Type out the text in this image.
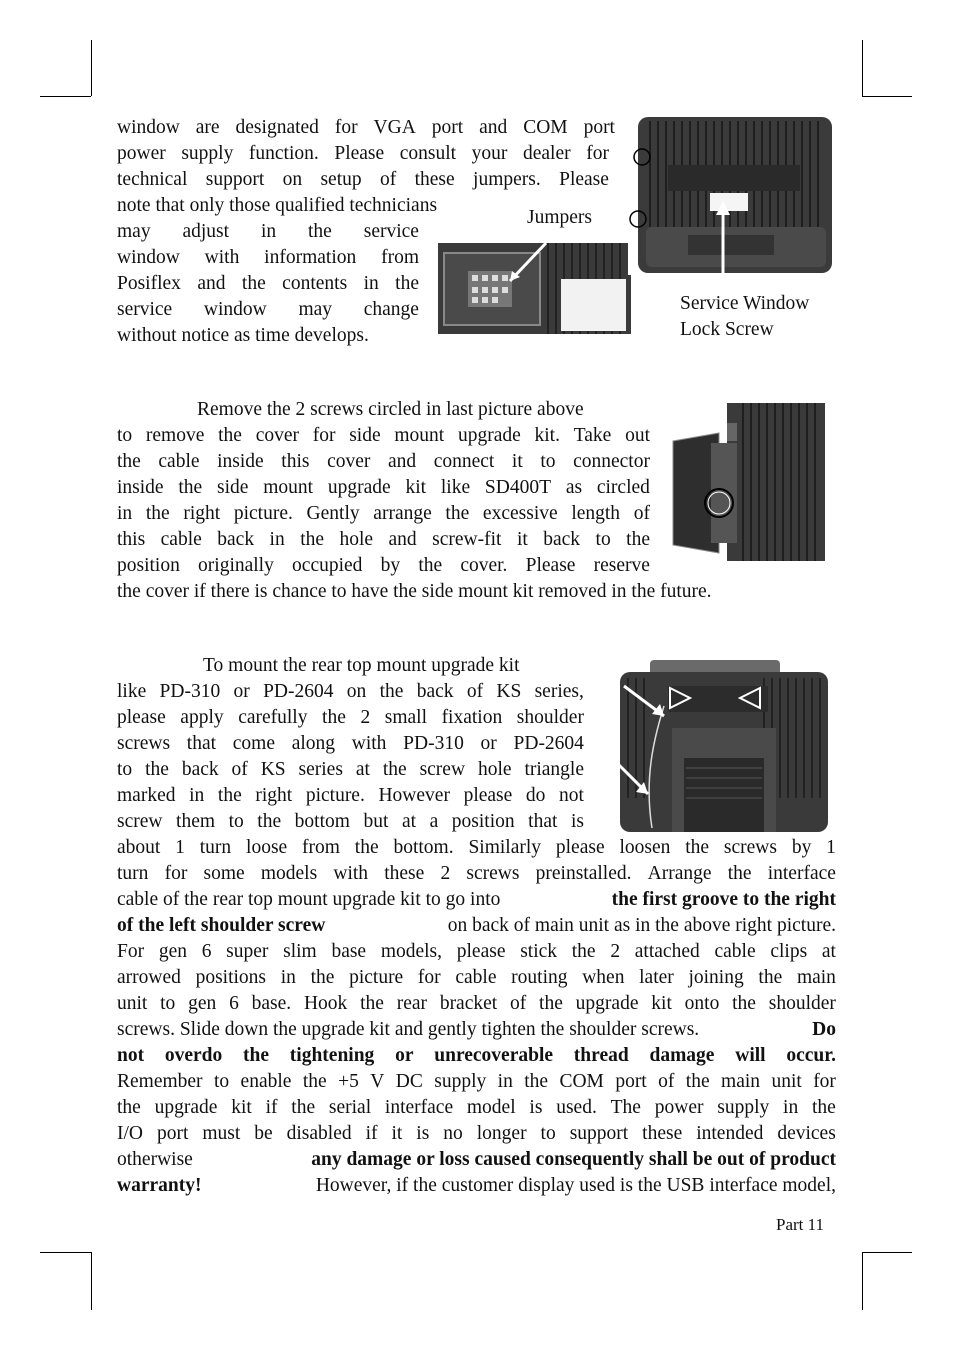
window are designated for VGA port and COM port
power supply function. Please consult your dealer for
technical support on setup of these jumpers. Please
note that only those qualified technicians
may adjust in the service
window with information from
Posiflex and the contents in the
service window may change
without notice as time develops.
Jumpers
Service Window
Lock Screw
Remove the 2 screws circled in last picture above
to remove the cover for side mount upgrade kit. Take out
the cable inside this cover and connect it to connector
inside the side mount upgrade kit like SD400T as circled
in the right picture. Gently arrange the excessive length of
this cable back in the hole and screw-fit it back to the
position originally occupied by the cover. Please reserve
the cover if there is chance to have the side mount kit removed in the future.
To mount the rear top mount upgrade kit
like PD-310 or PD-2604 on the back of KS series,
please apply carefully the 2 small fixation shoulder
screws that come along with PD-310 or PD-2604
to the back of KS series at the screw hole triangle
marked in the right picture. However please do not
screw them to the bottom but at a position that is
about 1 turn loose from the bottom. Similarly please loosen the screws by 1
turn for some models with these 2 screws preinstalled. Arrange the interface
cable of the rear top mount upgrade kit to go into	the first groove to the right
of the left shoulder screw	on back of main unit as in the above right picture.
For gen 6 super slim base models, please stick the 2 attached cable clips at
arrowed positions in the picture for cable routing when later joining the main
unit to gen 6 base. Hook the rear bracket of the upgrade kit onto the shoulder
screws. Slide down the upgrade kit and gently tighten the shoulder screws.	Do
not overdo the tightening or unrecoverable thread damage will occur.
Remember to enable the +5 V DC supply in the COM port of the main unit for
the upgrade kit if the serial interface model is used. The power supply in the
I/O port must be disabled if it is no longer to support these intended devices
otherwise	any damage or loss caused consequently shall be out of product
warranty!	However, if the customer display used is the USB interface model,
Part 11
